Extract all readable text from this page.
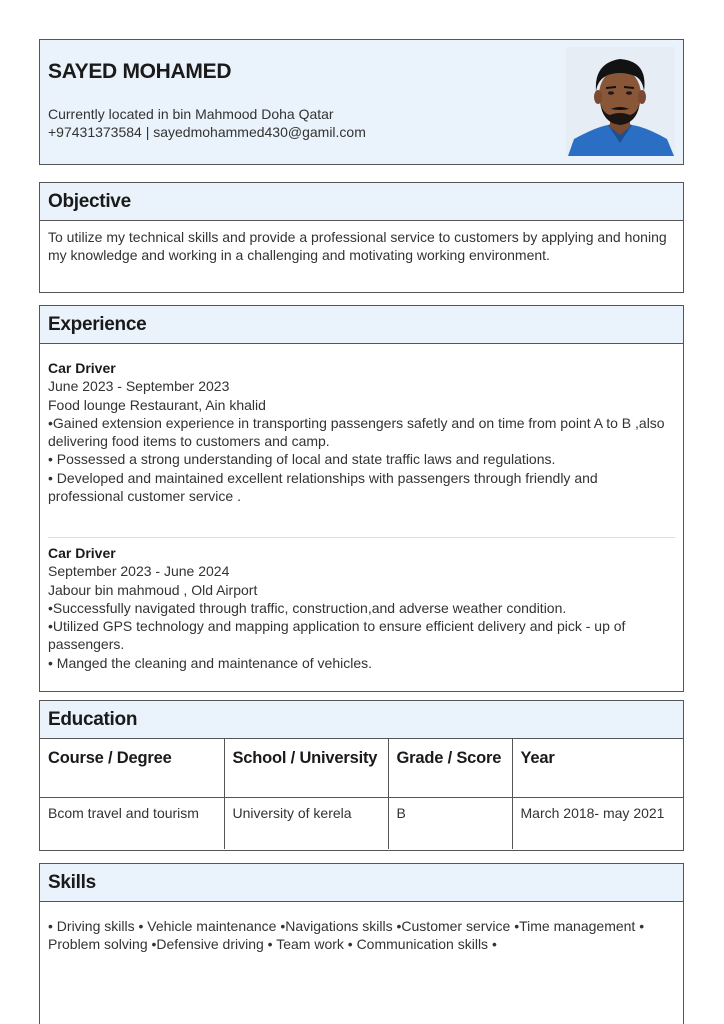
SAYED MOHAMED
Currently located in bin Mahmood Doha Qatar
+97431373584 | sayedmohammed430@gamil.com
Objective
To utilize my technical skills and provide a professional service to customers by applying and honing my knowledge and working in a challenging and motivating working environment.
Experience
Car Driver
June 2023 - September 2023
Food lounge Restaurant, Ain khalid
•Gained extension experience in transporting passengers safetly and on time from point A to B ,also delivering food items to customers and camp.
• Possessed a strong understanding of local and state traffic laws and regulations.
• Developed and maintained excellent relationships with passengers through friendly and professional customer service .
Car Driver
September 2023 - June 2024
Jabour bin mahmoud , Old Airport
•Successfully navigated through traffic, construction,and adverse weather condition.
•Utilized GPS technology and mapping application to ensure efficient delivery and pick - up of passengers.
• Manged the cleaning and maintenance of vehicles.
Education
Course / Degree	School / University	Grade / Score	Year
Bcom travel and tourism	University of kerela	B	March 2018- may 2021
Skills
• Driving skills • Vehicle maintenance •Navigations skills •Customer service •Time management • Problem solving •Defensive driving • Team work • Communication skills •
